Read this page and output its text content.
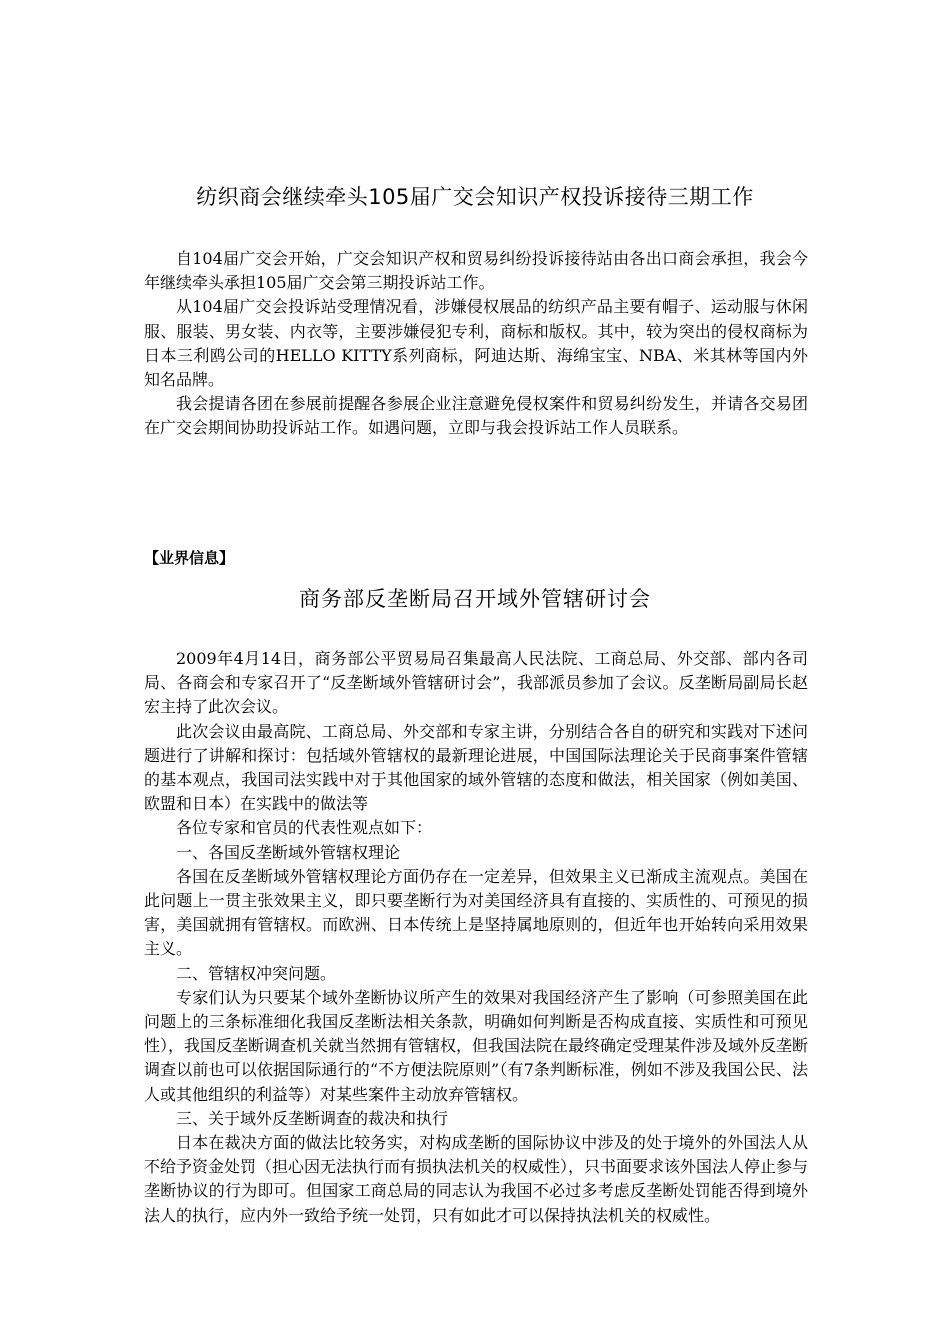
纺织商会继续牵头105届广交会知识产权投诉接待三期工作

自104届广交会开始，广交会知识产权和贸易纠纷投诉接待站由各出口商会承担，我会今年继续牵头承担105届广交会第三期投诉站工作。

从104届广交会投诉站受理情况看，涉嫌侵权展品的纺织产品主要有帽子、运动服与休闲服、服装、男女装、内衣等，主要涉嫌侵犯专利，商标和版权。其中，较为突出的侵权商标为日本三利鸥公司的HELLO KITTY系列商标，阿迪达斯、海绵宝宝、NBA、米其林等国内外知名品牌。

我会提请各团在参展前提醒各参展企业注意避免侵权案件和贸易纠纷发生，并请各交易团在广交会期间协助投诉站工作。如遇问题，立即与我会投诉站工作人员联系。

【业界信息】
商务部反垄断局召开域外管辖研讨会

2009年4月14日，商务部公平贸易局召集最高人民法院、工商总局、外交部、部内各司局、各商会和专家召开了“反垄断域外管辖研讨会”，我部派员参加了会议。反垄断局副局长赵宏主持了此次会议。

此次会议由最高院、工商总局、外交部和专家主讲，分别结合各自的研究和实践对下述问题进行了讲解和探讨：包括域外管辖权的最新理论进展，中国国际法理论关于民商事案件管辖的基本观点，我国司法实践中对于其他国家的域外管辖的态度和做法，相关国家（例如美国、欧盟和日本）在实践中的做法等

各位专家和官员的代表性观点如下：

一、各国反垄断域外管辖权理论

各国在反垄断域外管辖权理论方面仍存在一定差异，但效果主义已渐成主流观点。美国在此问题上一贯主张效果主义，即只要垄断行为对美国经济具有直接的、实质性的、可预见的损害，美国就拥有管辖权。而欧洲、日本传统上是坚持属地原则的，但近年也开始转向采用效果主义。

二、管辖权冲突问题。

专家们认为只要某个域外垄断协议所产生的效果对我国经济产生了影响（可参照美国在此问题上的三条标准细化我国反垄断法相关条款，明确如何判断是否构成直接、实质性和可预见性），我国反垄断调查机关就当然拥有管辖权，但我国法院在最终确定受理某件涉及域外反垄断调查以前也可以依据国际通行的“不方便法院原则”（有7条判断标准，例如不涉及我国公民、法人或其他组织的利益等）对某些案件主动放弃管辖权。

三、关于域外反垄断调查的裁决和执行

日本在裁决方面的做法比较务实，对构成垄断的国际协议中涉及的处于境外的外国法人从不给予资金处罚（担心因无法执行而有损执法机关的权威性），只书面要求该外国法人停止参与垄断协议的行为即可。但国家工商总局的同志认为我国不必过多考虑反垄断处罚能否得到境外法人的执行，应内外一致给予统一处罚，只有如此才可以保持执法机关的权威性。
